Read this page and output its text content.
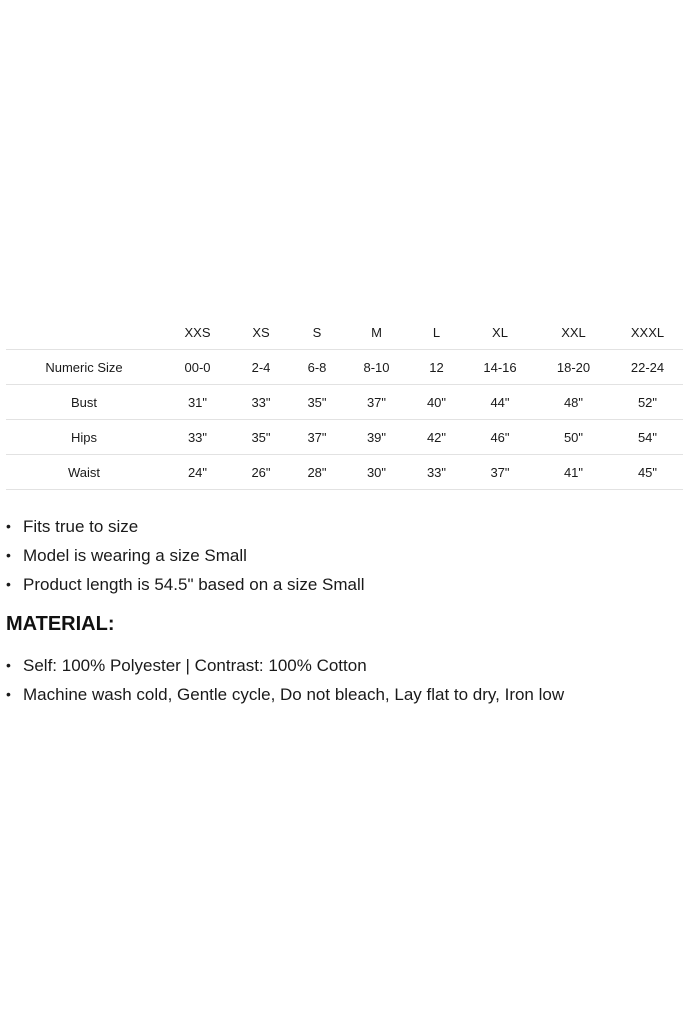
	XXS	XS	S	M	L	XL	XXL	XXXL
Numeric Size	00-0	2-4	6-8	8-10	12	14-16	18-20	22-24
Bust	31"	33"	35"	37"	40"	44"	48"	52"
Hips	33"	35"	37"	39"	42"	46"	50"	54"
Waist	24"	26"	28"	30"	33"	37"	41"	45"
• Fits true to size
• Model is wearing a size Small
• Product length is 54.5" based on a size Small
MATERIAL:
• Self: 100% Polyester | Contrast: 100% Cotton
• Machine wash cold, Gentle cycle, Do not bleach, Lay flat to dry, Iron low
